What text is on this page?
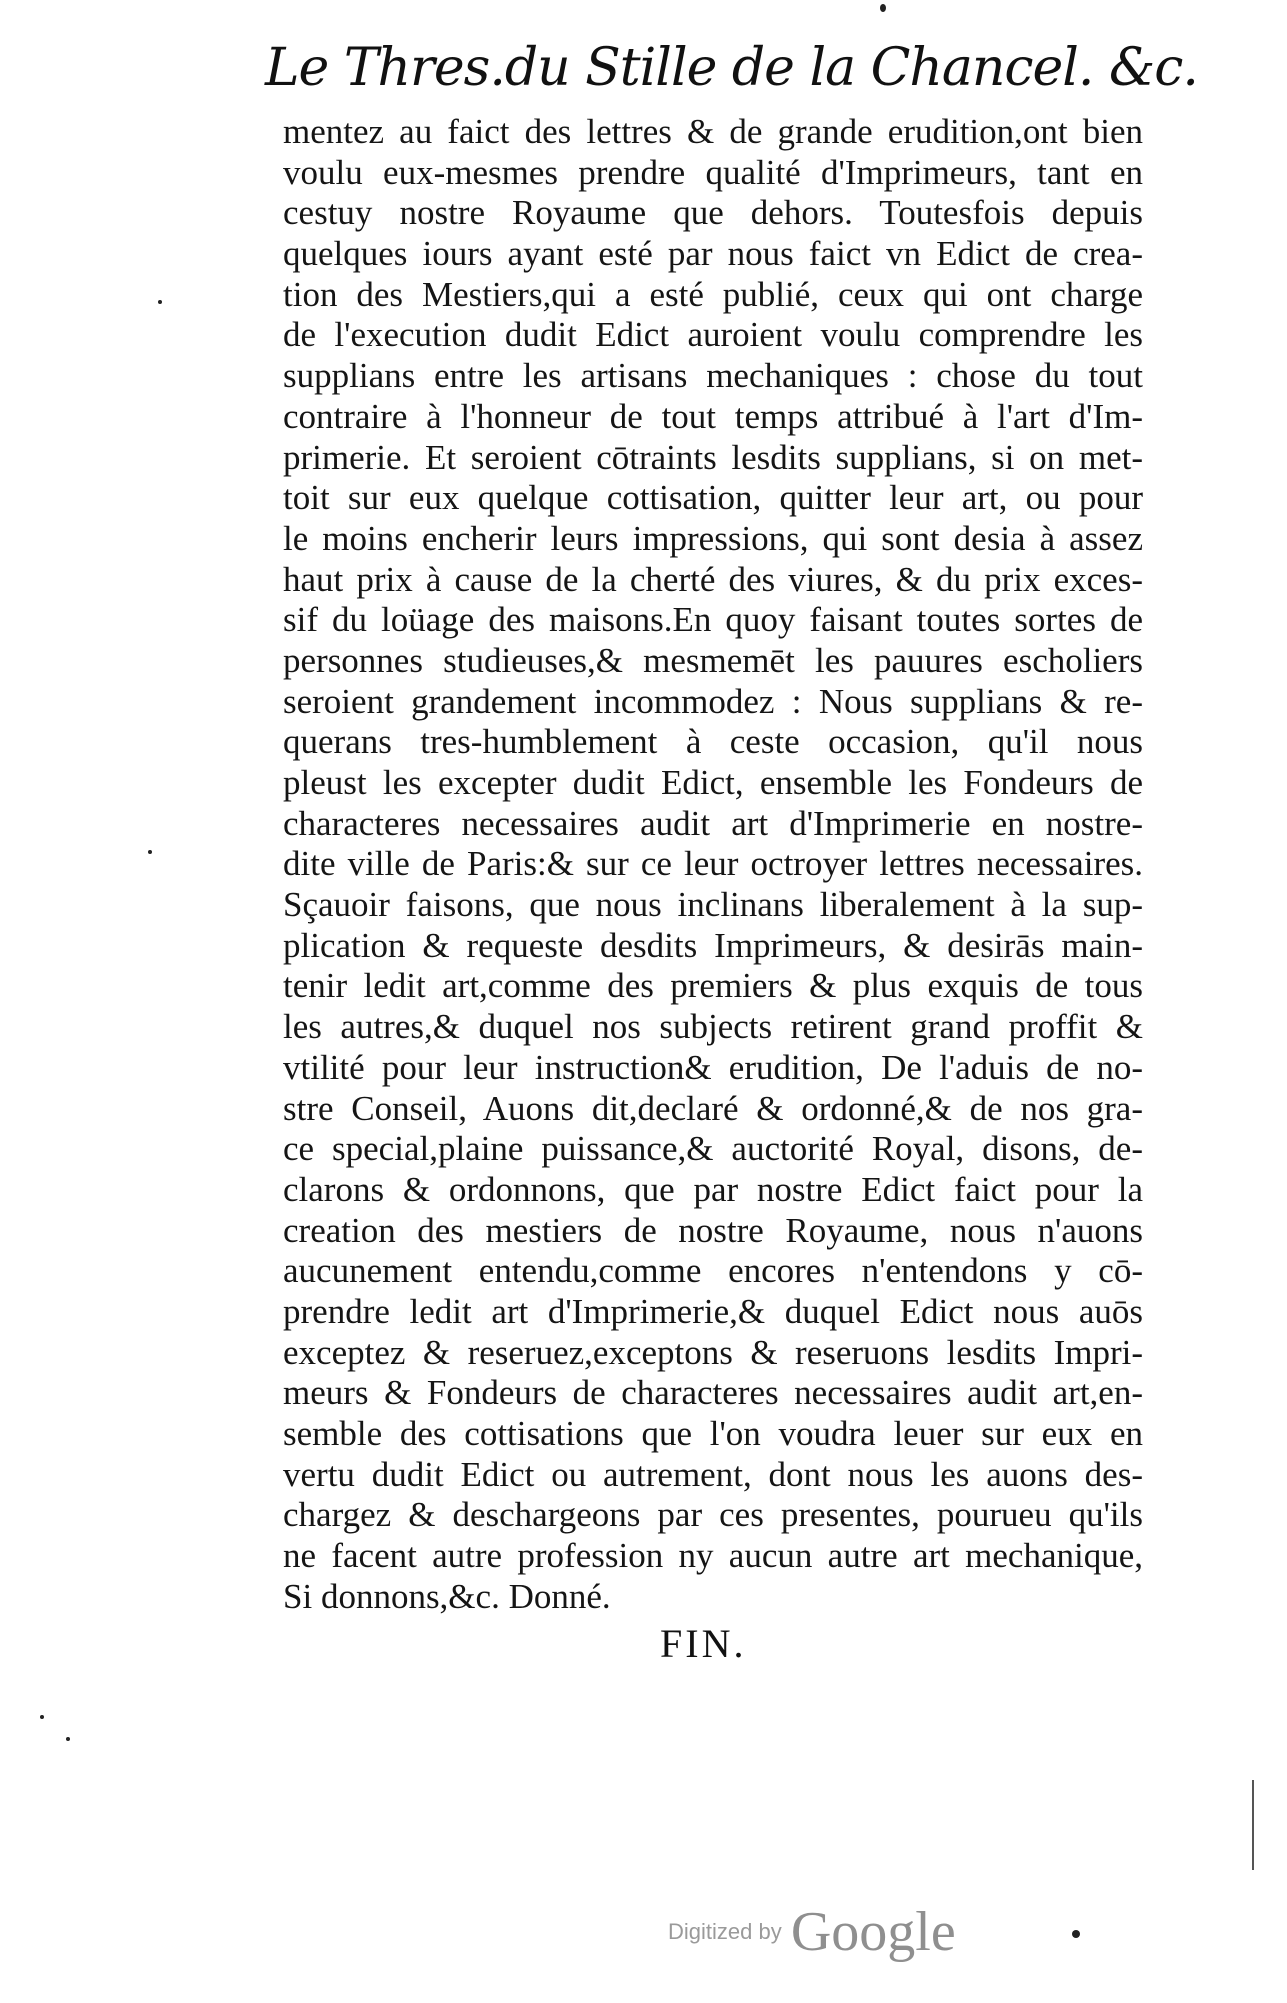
Le Thres.du Stille de la Chancel. &c.
mentez au faict des lettres & de grande erudition,ont bien
voulu eux-mesmes prendre qualité d'Imprimeurs, tant en
cestuy nostre Royaume que dehors. Toutesfois depuis
quelques iours ayant esté par nous faict vn Edict de crea-
tion des Mestiers,qui a esté publié, ceux qui ont charge
de l'execution dudit Edict auroient voulu comprendre les
supplians entre les artisans mechaniques : chose du tout
contraire à l'honneur de tout temps attribué à l'art d'Im-
primerie. Et seroient cōtraints lesdits supplians, si on met-
toit sur eux quelque cottisation, quitter leur art, ou pour
le moins encherir leurs impressions, qui sont desia à assez
haut prix à cause de la cherté des viures, & du prix exces-
sif du loüage des maisons.En quoy faisant toutes sortes de
personnes studieuses,& mesmemēt les pauures escholiers
seroient grandement incommodez : Nous supplians & re-
querans tres-humblement à ceste occasion, qu'il nous
pleust les excepter dudit Edict, ensemble les Fondeurs de
characteres necessaires audit art d'Imprimerie en nostre-
dite ville de Paris:& sur ce leur octroyer lettres necessaires.
Sçauoir faisons, que nous inclinans liberalement à la sup-
plication & requeste desdits Imprimeurs, & desirās main-
tenir ledit art,comme des premiers & plus exquis de tous
les autres,& duquel nos subjects retirent grand proffit &
vtilité pour leur instruction& erudition, De l'aduis de no-
stre Conseil, Auons dit,declaré & ordonné,& de nos gra-
ce special,plaine puissance,& auctorité Royal, disons, de-
clarons & ordonnons, que par nostre Edict faict pour la
creation des mestiers de nostre Royaume, nous n'auons
aucunement entendu,comme encores n'entendons y cō-
prendre ledit art d'Imprimerie,& duquel Edict nous auōs
exceptez & reseruez,exceptons & reseruons lesdits Impri-
meurs & Fondeurs de characteres necessaires audit art,en-
semble des cottisations que l'on voudra leuer sur eux en
vertu dudit Edict ou autrement, dont nous les auons des-
chargez & deschargeons par ces presentes, pourueu qu'ils
ne facent autre profession ny aucun autre art mechanique,
Si donnons,&c. Donné.
FIN.
Digitized by Google
